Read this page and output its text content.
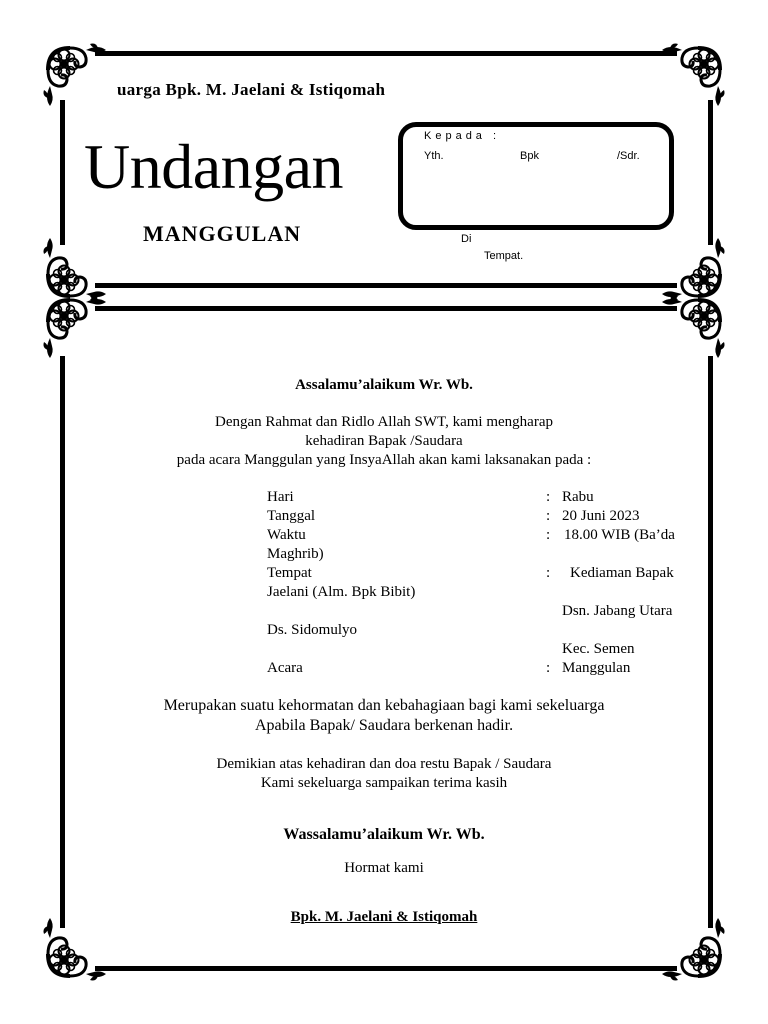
uarga Bpk. M. Jaelani & Istiqomah
Undangan
MANGGULAN
Kepada :
Yth.	Bpk	/Sdr.
Di
Tempat.
Assalamu’alaikum Wr. Wb.
Dengan Rahmat dan Ridlo Allah SWT, kami mengharap
kehadiran Bapak /Saudara
pada acara Manggulan yang InsyaAllah akan kami laksanakan pada :
Hari	: Rabu
Tanggal	: 20 Juni 2023
Waktu	: 18.00 WIB (Ba’da
Maghrib)
Tempat	: Kediaman Bapak
Jaelani (Alm. Bpk Bibit)
Dsn. Jabang Utara
Ds. Sidomulyo
Kec. Semen
Acara	: Manggulan
Merupakan suatu kehormatan dan kebahagiaan bagi kami sekeluarga
Apabila Bapak/ Saudara berkenan hadir.
Demikian atas kehadiran dan doa restu Bapak / Saudara
Kami sekeluarga sampaikan terima kasih
Wassalamu’alaikum Wr. Wb.
Hormat kami
Bpk. M. Jaelani & Istiqomah
